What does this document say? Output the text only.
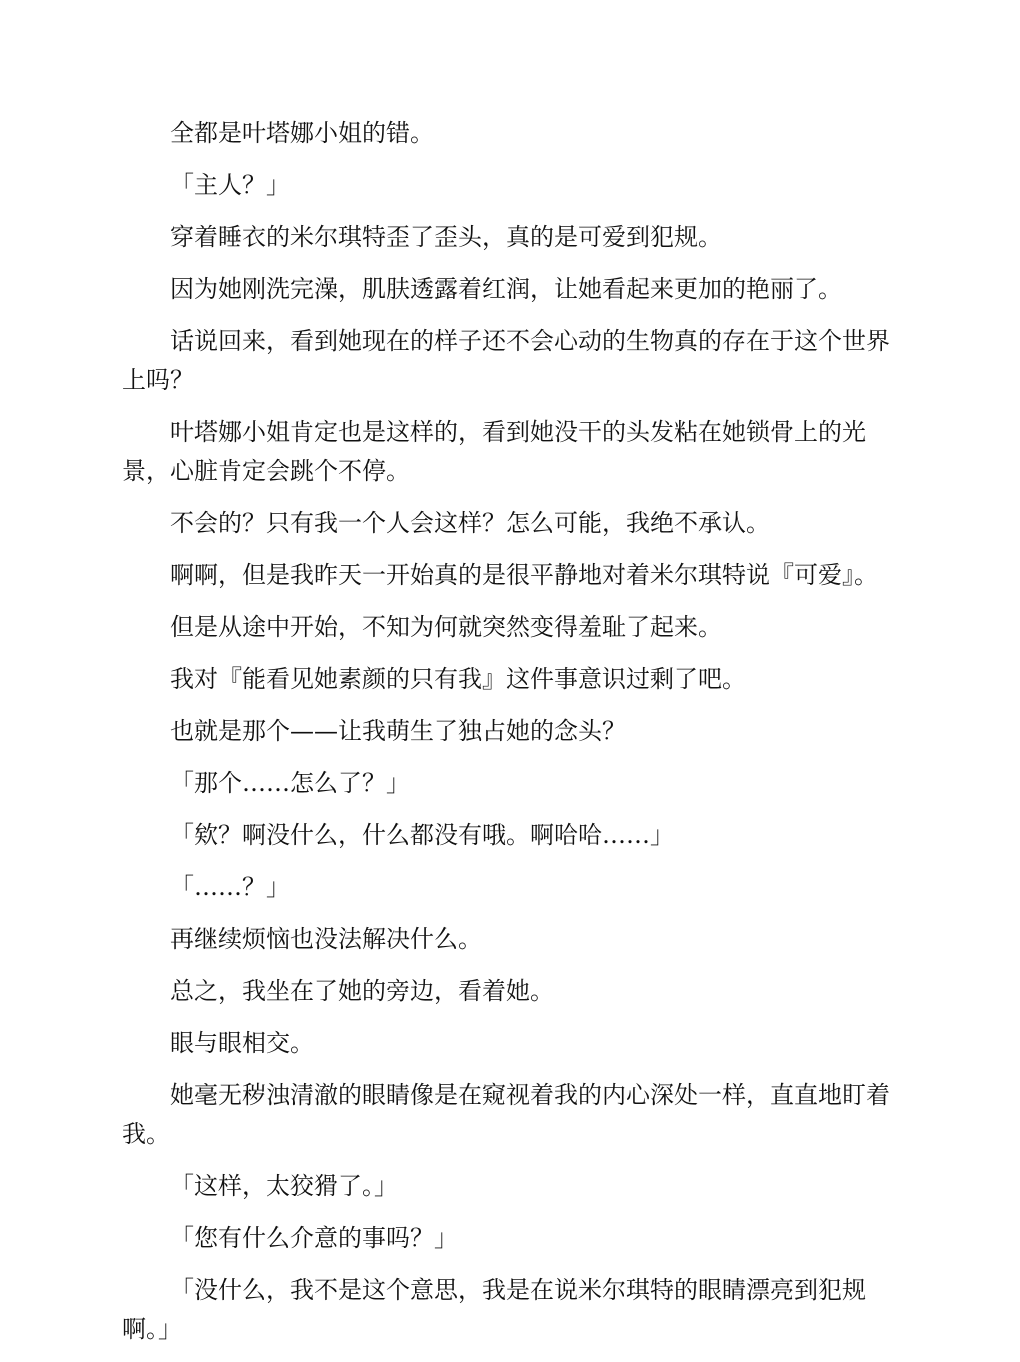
全都是叶塔娜小姐的错。

「主人？」

穿着睡衣的米尔琪特歪了歪头，真的是可爱到犯规。

因为她刚洗完澡，肌肤透露着红润，让她看起来更加的艳丽了。

话说回来，看到她现在的样子还不会心动的生物真的存在于这个世界上吗？

叶塔娜小姐肯定也是这样的，看到她没干的头发粘在她锁骨上的光景，心脏肯定会跳个不停。

不会的？只有我一个人会这样？怎么可能，我绝不承认。

啊啊，但是我昨天一开始真的是很平静地对着米尔琪特说『可爱』。

但是从途中开始，不知为何就突然变得羞耻了起来。

我对『能看见她素颜的只有我』这件事意识过剩了吧。

也就是那个——让我萌生了独占她的念头？

「那个……怎么了？」

「欸？啊没什么，什么都没有哦。啊哈哈……」

「……？」

再继续烦恼也没法解决什么。

总之，我坐在了她的旁边，看着她。

眼与眼相交。

她毫无秽浊清澈的眼睛像是在窥视着我的内心深处一样，直直地盯着我。

「这样，太狡猾了。」

「您有什么介意的事吗？」

「没什么，我不是这个意思，我是在说米尔琪特的眼睛漂亮到犯规啊。」
